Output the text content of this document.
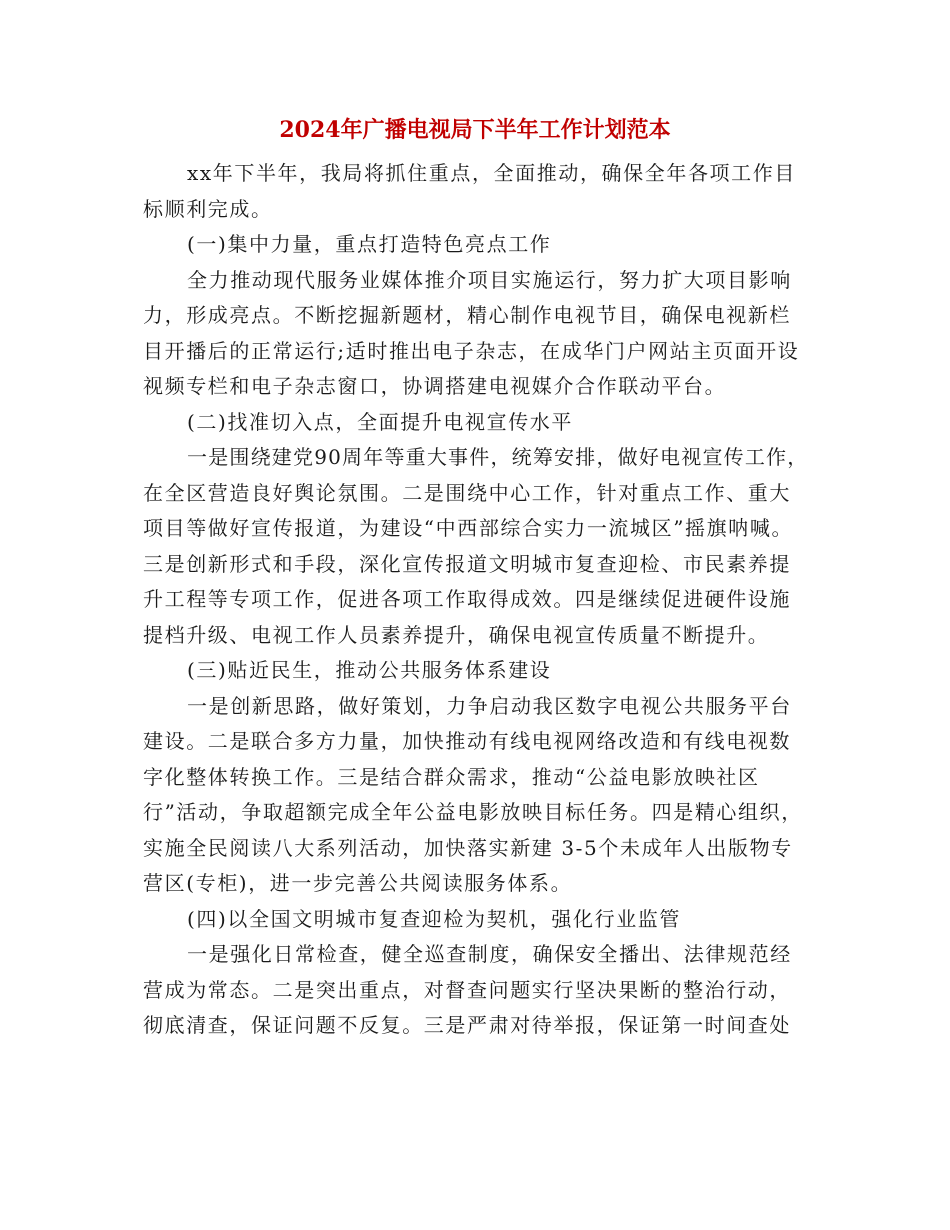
2024年广播电视局下半年工作计划范本
xx年下半年，我局将抓住重点，全面推动，确保全年各项工作目
标顺利完成。
(一)集中力量，重点打造特色亮点工作
全力推动现代服务业媒体推介项目实施运行，努力扩大项目影响
力，形成亮点。不断挖掘新题材，精心制作电视节目，确保电视新栏
目开播后的正常运行;适时推出电子杂志，在成华门户网站主页面开设
视频专栏和电子杂志窗口，协调搭建电视媒介合作联动平台。
(二)找准切入点，全面提升电视宣传水平
一是围绕建党90周年等重大事件，统筹安排，做好电视宣传工作，
在全区营造良好舆论氛围。二是围绕中心工作，针对重点工作、重大
项目等做好宣传报道，为建设“中西部综合实力一流城区”摇旗呐喊。
三是创新形式和手段，深化宣传报道文明城市复查迎检、市民素养提
升工程等专项工作，促进各项工作取得成效。四是继续促进硬件设施
提档升级、电视工作人员素养提升，确保电视宣传质量不断提升。
(三)贴近民生，推动公共服务体系建设
一是创新思路，做好策划，力争启动我区数字电视公共服务平台
建设。二是联合多方力量，加快推动有线电视网络改造和有线电视数
字化整体转换工作。三是结合群众需求，推动“公益电影放映社区
行”活动，争取超额完成全年公益电影放映目标任务。四是精心组织，
实施全民阅读八大系列活动，加快落实新建 3-5个未成年人出版物专
营区(专柜)，进一步完善公共阅读服务体系。
(四)以全国文明城市复查迎检为契机，强化行业监管
一是强化日常检查，健全巡查制度，确保安全播出、法律规范经
营成为常态。二是突出重点，对督查问题实行坚决果断的整治行动，
彻底清查，保证问题不反复。三是严肃对待举报，保证第一时间查处
